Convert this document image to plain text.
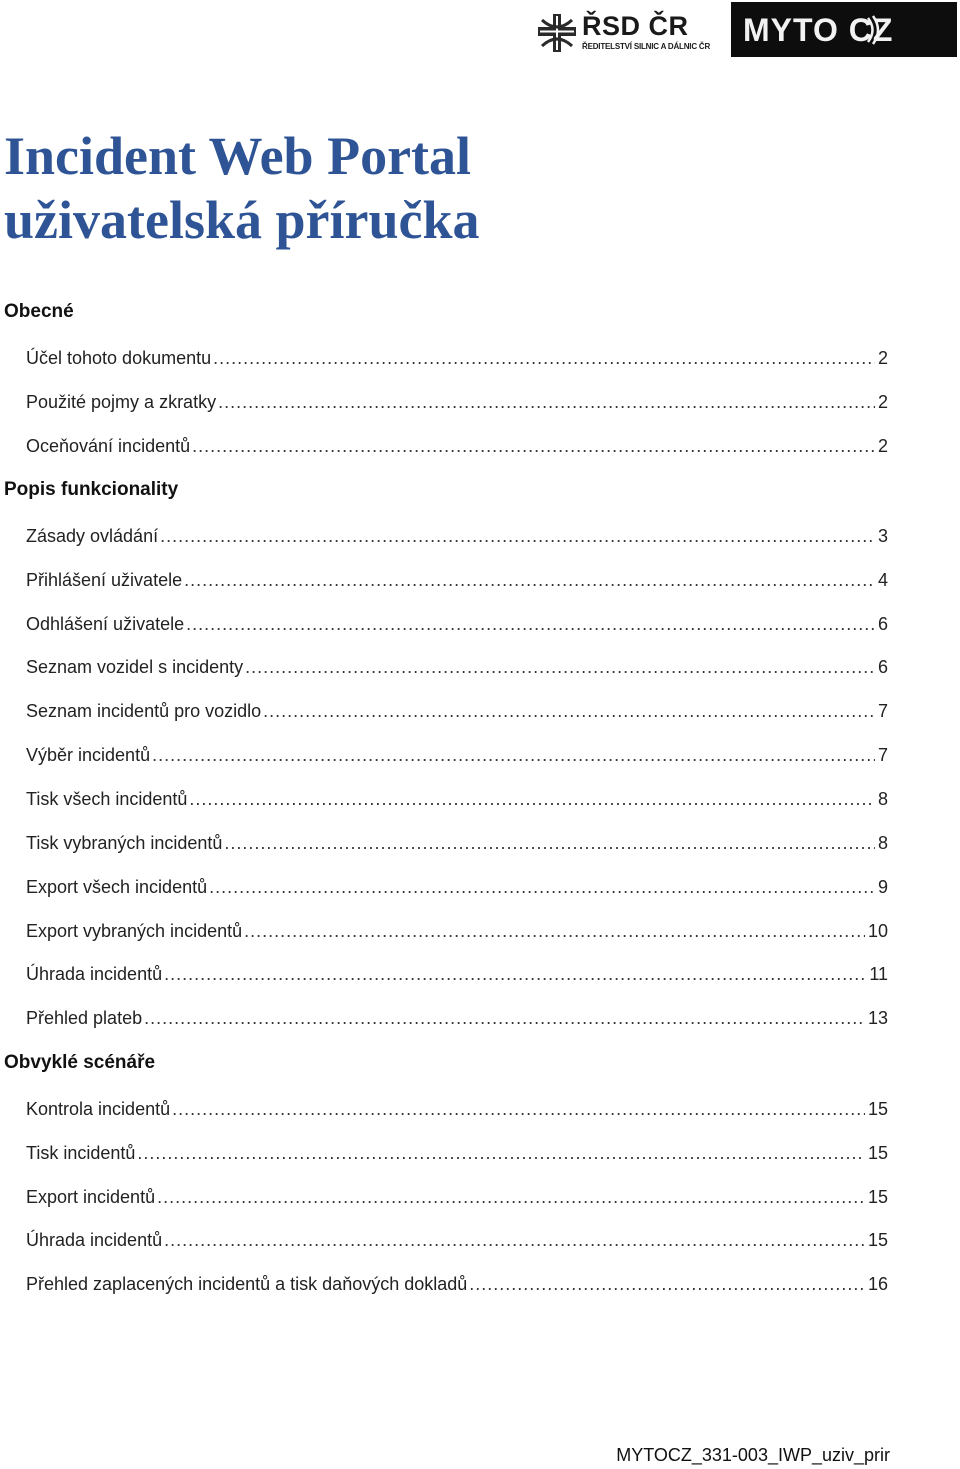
ŘSD ČR
ŘEDITELSTVÍ SILNIC A DÁLNIC ČR MYTO CZ
Incident Web Portal
uživatelská příručka
Obecné
Účel tohoto dokumentu .....	2
Použité pojmy a zkratky .....	2
Oceňování incidentů .....	2
Popis funkcionality
Zásady ovládání .....	3
Přihlášení uživatele .....	4
Odhlášení uživatele .....	6
Seznam vozidel s incidenty .....	6
Seznam incidentů pro vozidlo .....	7
Výběr incidentů .....	7
Tisk všech incidentů .....	8
Tisk vybraných incidentů .....	8
Export všech incidentů .....	9
Export vybraných incidentů .....	10
Úhrada incidentů .....	11
Přehled plateb .....	13
Obvyklé scénáře
Kontrola incidentů .....	15
Tisk incidentů .....	15
Export incidentů .....	15
Úhrada incidentů .....	15
Přehled zaplacených incidentů a tisk daňových dokladů .....	16
MYTOCZ_331-003_IWP_uziv_prir
